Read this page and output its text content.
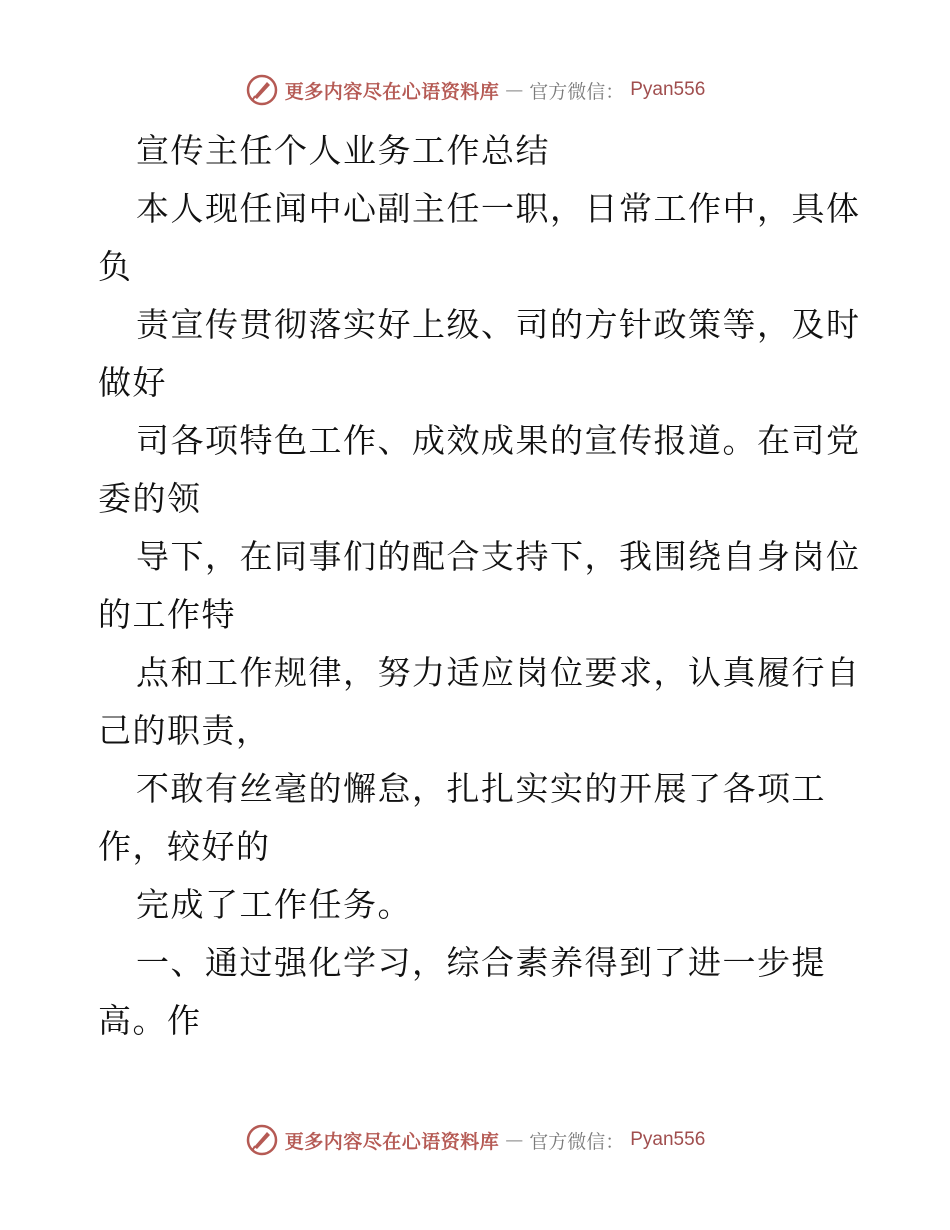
更多内容尽在心语资料库 — 官方微信： Pyan556
宣传主任个人业务工作总结
本人现任闻中心副主任一职，日常工作中，具体
负
责宣传贯彻落实好上级、司的方针政策等，及时
做好
司各项特色工作、成效成果的宣传报道。在司党
委的领
导下，在同事们的配合支持下，我围绕自身岗位
的工作特
点和工作规律，努力适应岗位要求，认真履行自
己的职责，
不敢有丝毫的懈怠，扎扎实实的开展了各项工
作，较好的
完成了工作任务。
一、通过强化学习，综合素养得到了进一步提
高。作
更多内容尽在心语资料库 — 官方微信： Pyan556
